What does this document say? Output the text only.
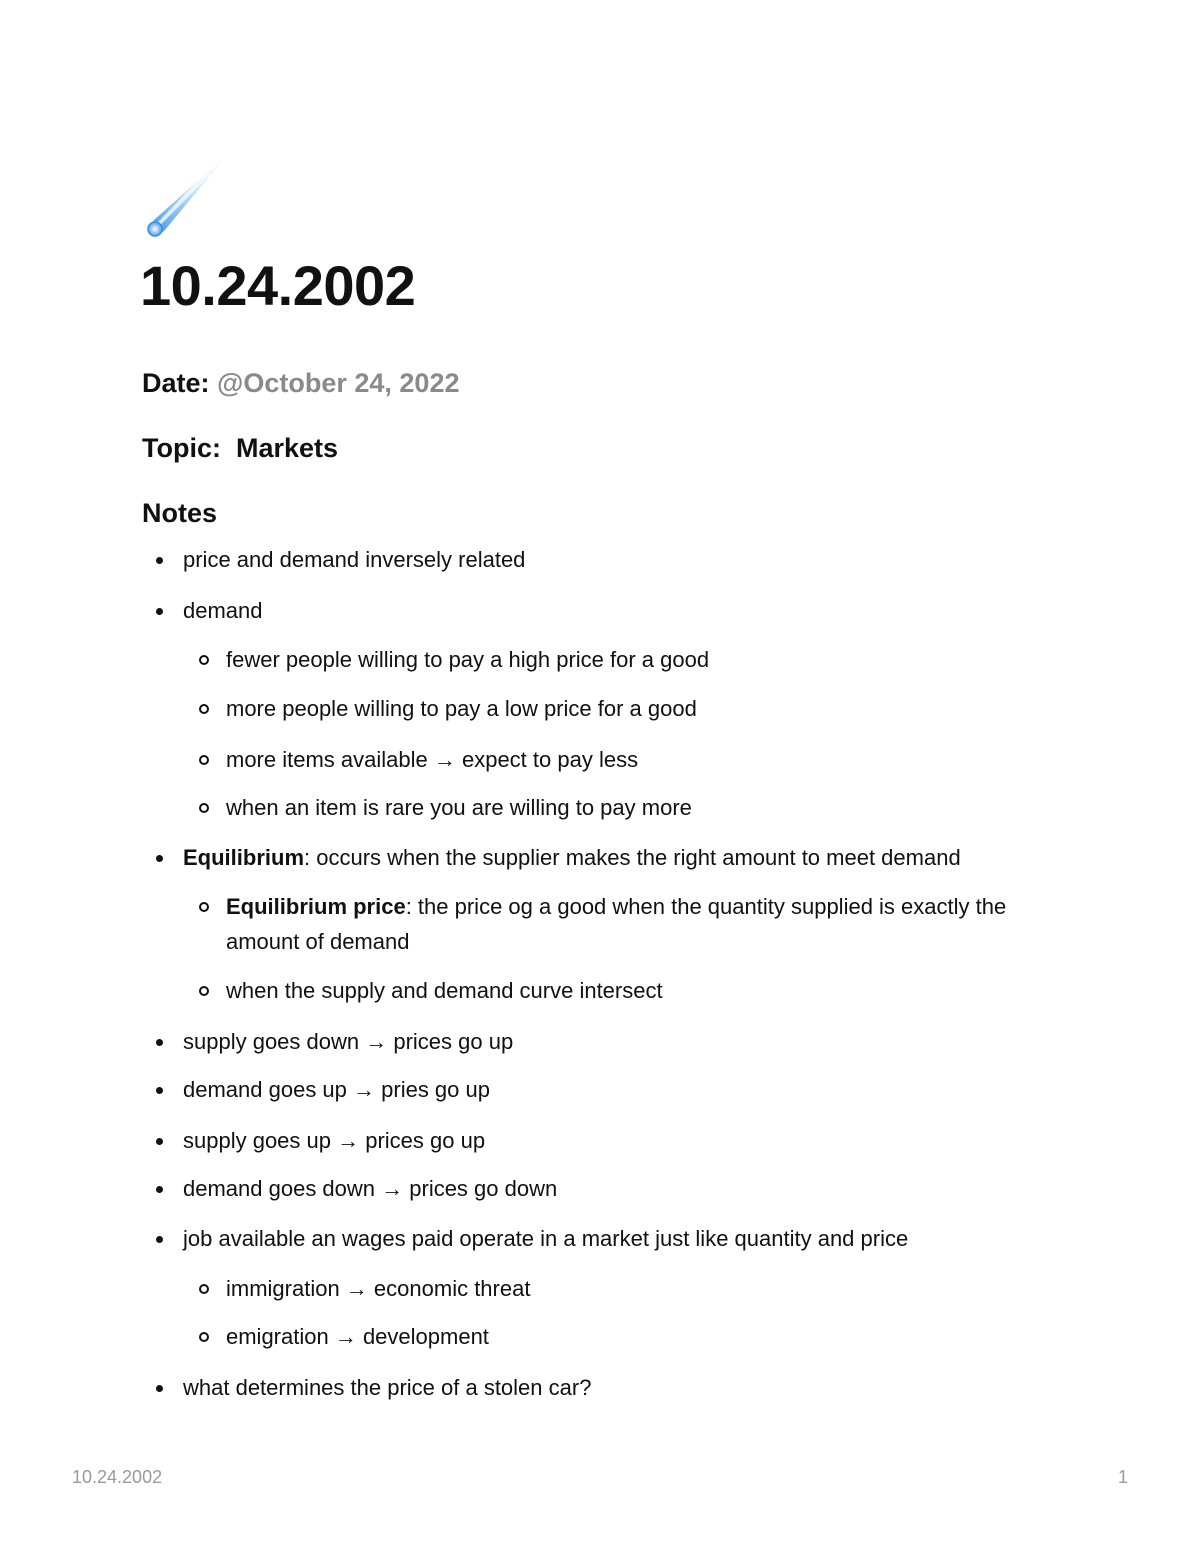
10.24.2002
Date: @October 24, 2022
Topic: Markets
Notes
price and demand inversely related
demand
fewer people willing to pay a high price for a good
more people willing to pay a low price for a good
more items available → expect to pay less
when an item is rare you are willing to pay more
Equilibrium: occurs when the supplier makes the right amount to meet demand
Equilibrium price: the price og a good when the quantity supplied is exactly the amount of demand
when the supply and demand curve intersect
supply goes down → prices go up
demand goes up → pries go up
supply goes up → prices go up
demand goes down → prices go down
job available an wages paid operate in a market just like quantity and price
immigration → economic threat
emigration → development
what determines the price of a stolen car?
10.24.2002	1
